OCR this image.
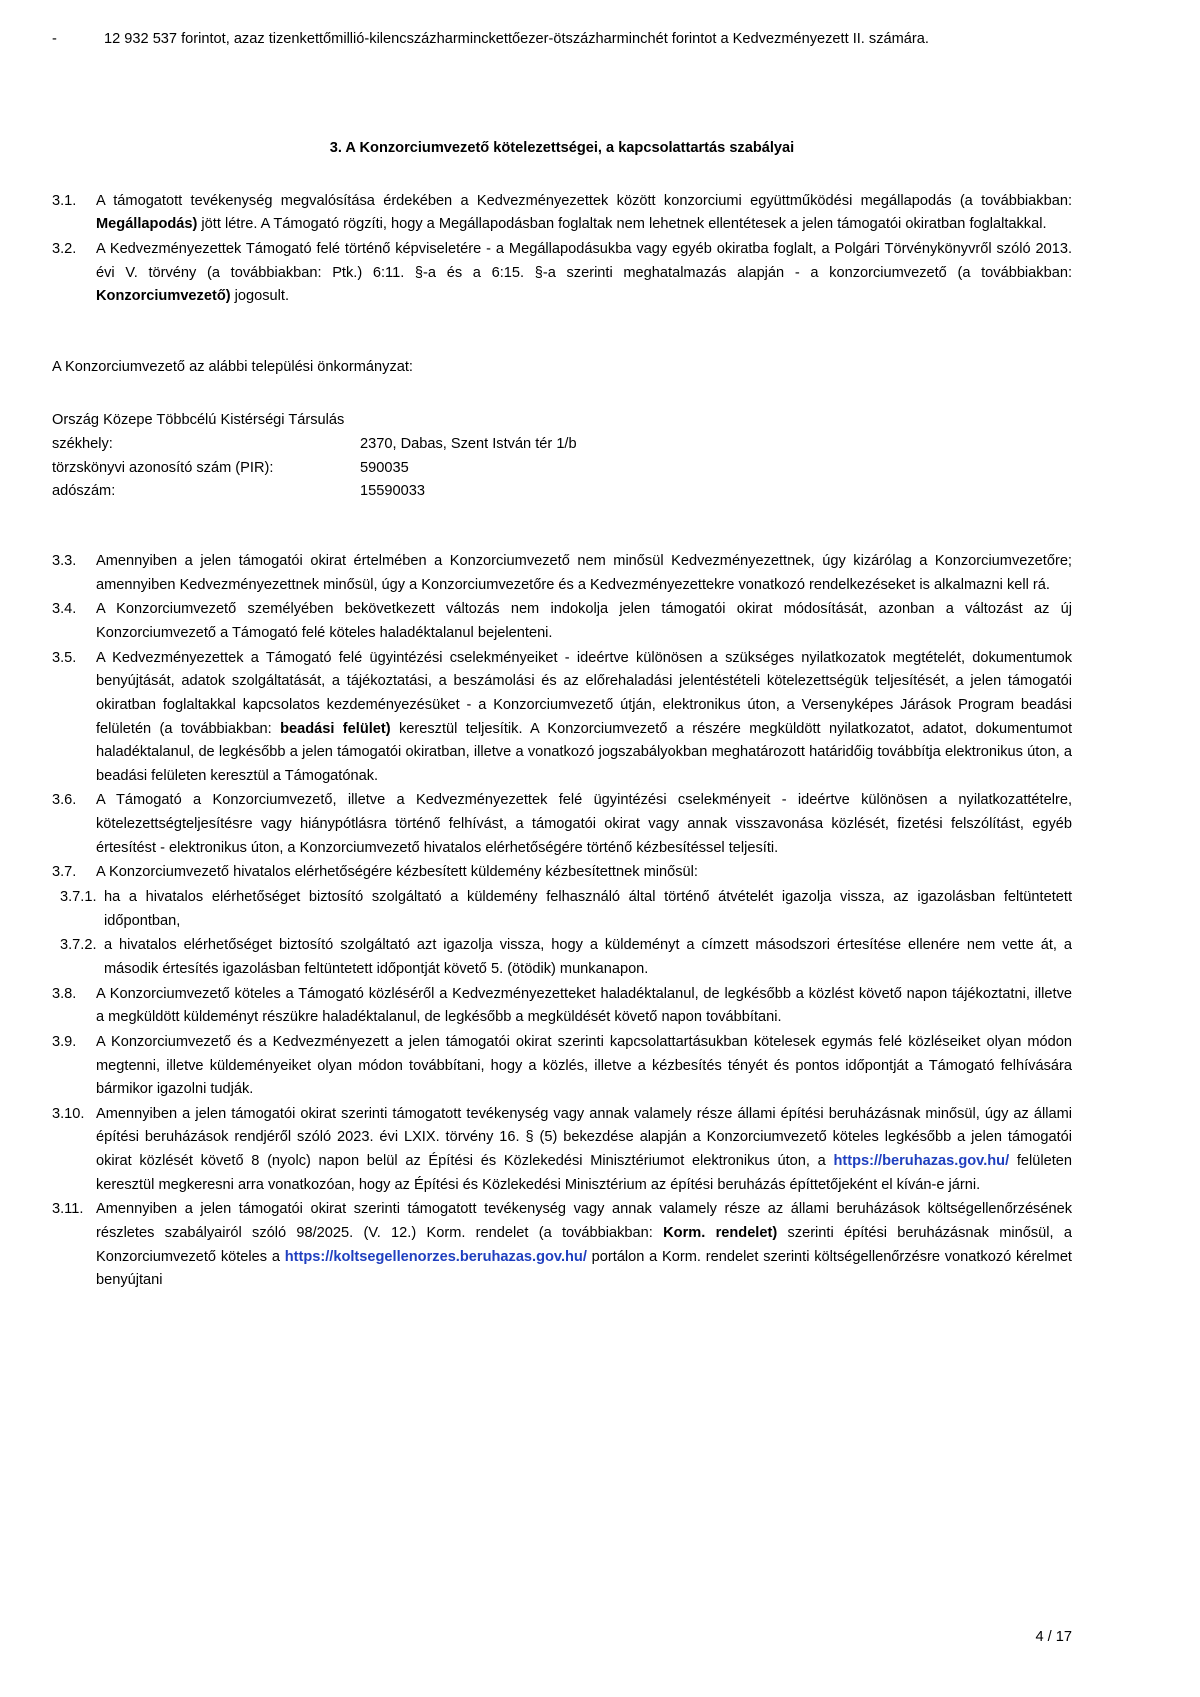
-	12 932 537 forintot, azaz tizenkettőmillió-kilencszázharminckettőezer-ötszázharminchét forintot a Kedvezményezett II. számára.
3. A Konzorciumvezető kötelezettségei, a kapcsolattartás szabályai
3.1.	A támogatott tevékenység megvalósítása érdekében a Kedvezményezettek között konzorciumi együttműködési megállapodás (a továbbiakban: Megállapodás) jött létre. A Támogató rögzíti, hogy a Megállapodásban foglaltak nem lehetnek ellentétesek a jelen támogatói okiratban foglaltakkal.
3.2.	A Kedvezményezettek Támogató felé történő képviseletére - a Megállapodásukba vagy egyéb okiratba foglalt, a Polgári Törvénykönyvről szóló 2013. évi V. törvény (a továbbiakban: Ptk.) 6:11. §-a és a 6:15. §-a szerinti meghatalmazás alapján - a konzorciumvezető (a továbbiakban: Konzorciumvezető) jogosult.
A Konzorciumvezető az alábbi települési önkormányzat:
Ország Közepe Többcélú Kistérségi Társulás
székhely:	2370, Dabas, Szent István tér 1/b
törzskönyvi azonosító szám (PIR):	590035
adószám:	15590033
3.3.	Amennyiben a jelen támogatói okirat értelmében a Konzorciumvezető nem minősül Kedvezményezettnek, úgy kizárólag a Konzorciumvezetőre; amennyiben Kedvezményezettnek minősül, úgy a Konzorciumvezetőre és a Kedvezményezettekre vonatkozó rendelkezéseket is alkalmazni kell rá.
3.4.	A Konzorciumvezető személyében bekövetkezett változás nem indokolja jelen támogatói okirat módosítását, azonban a változást az új Konzorciumvezető a Támogató felé köteles haladéktalanul bejelenteni.
3.5.	A Kedvezményezettek a Támogató felé ügyintézési cselekményeiket - ideértve különösen a szükséges nyilatkozatok megtételét, dokumentumok benyújtását, adatok szolgáltatását, a tájékoztatási, a beszámolási és az előrehaladási jelentéstételi kötelezettségük teljesítését, a jelen támogatói okiratban foglaltakkal kapcsolatos kezdeményezésüket - a Konzorciumvezető útján, elektronikus úton, a Versenyképes Járások Program beadási felületén (a továbbiakban: beadási felület) keresztül teljesítik. A Konzorciumvezető a részére megküldött nyilatkozatot, adatot, dokumentumot haladéktalanul, de legkésőbb a jelen támogatói okiratban, illetve a vonatkozó jogszabályokban meghatározott határidőig továbbítja elektronikus úton, a beadási felületen keresztül a Támogatónak.
3.6.	A Támogató a Konzorciumvezető, illetve a Kedvezményezettek felé ügyintézési cselekményeit - ideértve különösen a nyilatkozattételre, kötelezettségteljesítésre vagy hiánypótlásra történő felhívást, a támogatói okirat vagy annak visszavonása közlését, fizetési felszólítást, egyéb értesítést - elektronikus úton, a Konzorciumvezető hivatalos elérhetőségére történő kézbesítéssel teljesíti.
3.7.	A Konzorciumvezető hivatalos elérhetőségére kézbesített küldemény kézbesítettnek minősül:
3.7.1. ha a hivatalos elérhetőséget biztosító szolgáltató a küldemény felhasználó által történő átvételét igazolja vissza, az igazolásban feltüntetett időpontban,
3.7.2. a hivatalos elérhetőséget biztosító szolgáltató azt igazolja vissza, hogy a küldeményt a címzett másodszori értesítése ellenére nem vette át, a második értesítés igazolásban feltüntetett időpontját követő 5. (ötödik) munkanapon.
3.8.	A Konzorciumvezető köteles a Támogató közléséről a Kedvezményezetteket haladéktalanul, de legkésőbb a közlést követő napon tájékoztatni, illetve a megküldött küldeményt részükre haladéktalanul, de legkésőbb a megküldését követő napon továbbítani.
3.9.	A Konzorciumvezető és a Kedvezményezett a jelen támogatói okirat szerinti kapcsolattartásukban kötelesek egymás felé közléseiket olyan módon megtenni, illetve küldeményeiket olyan módon továbbítani, hogy a közlés, illetve a kézbesítés tényét és pontos időpontját a Támogató felhívására bármikor igazolni tudják.
3.10. Amennyiben a jelen támogatói okirat szerinti támogatott tevékenység vagy annak valamely része állami építési beruházásnak minősül, úgy az állami építési beruházások rendjéről szóló 2023. évi LXIX. törvény 16. § (5) bekezdése alapján a Konzorciumvezető köteles legkésőbb a jelen támogatói okirat közlését követő 8 (nyolc) napon belül az Építési és Közlekedési Minisztériumot elektronikus úton, a https://beruhazas.gov.hu/ felületen keresztül megkeresni arra vonatkozóan, hogy az Építési és Közlekedési Minisztérium az építési beruházás építtetőjeként el kíván-e járni.
3.11. Amennyiben a jelen támogatói okirat szerinti támogatott tevékenység vagy annak valamely része az állami beruházások költségellenőrzésének részletes szabályairól szóló 98/2025. (V. 12.) Korm. rendelet (a továbbiakban: Korm. rendelet) szerinti építési beruházásnak minősül, a Konzorciumvezető köteles a https://koltsegellenorzes.beruhazas.gov.hu/ portálon a Korm. rendelet szerinti költségellenőrzésre vonatkozó kérelmet benyújtani
4 / 17
